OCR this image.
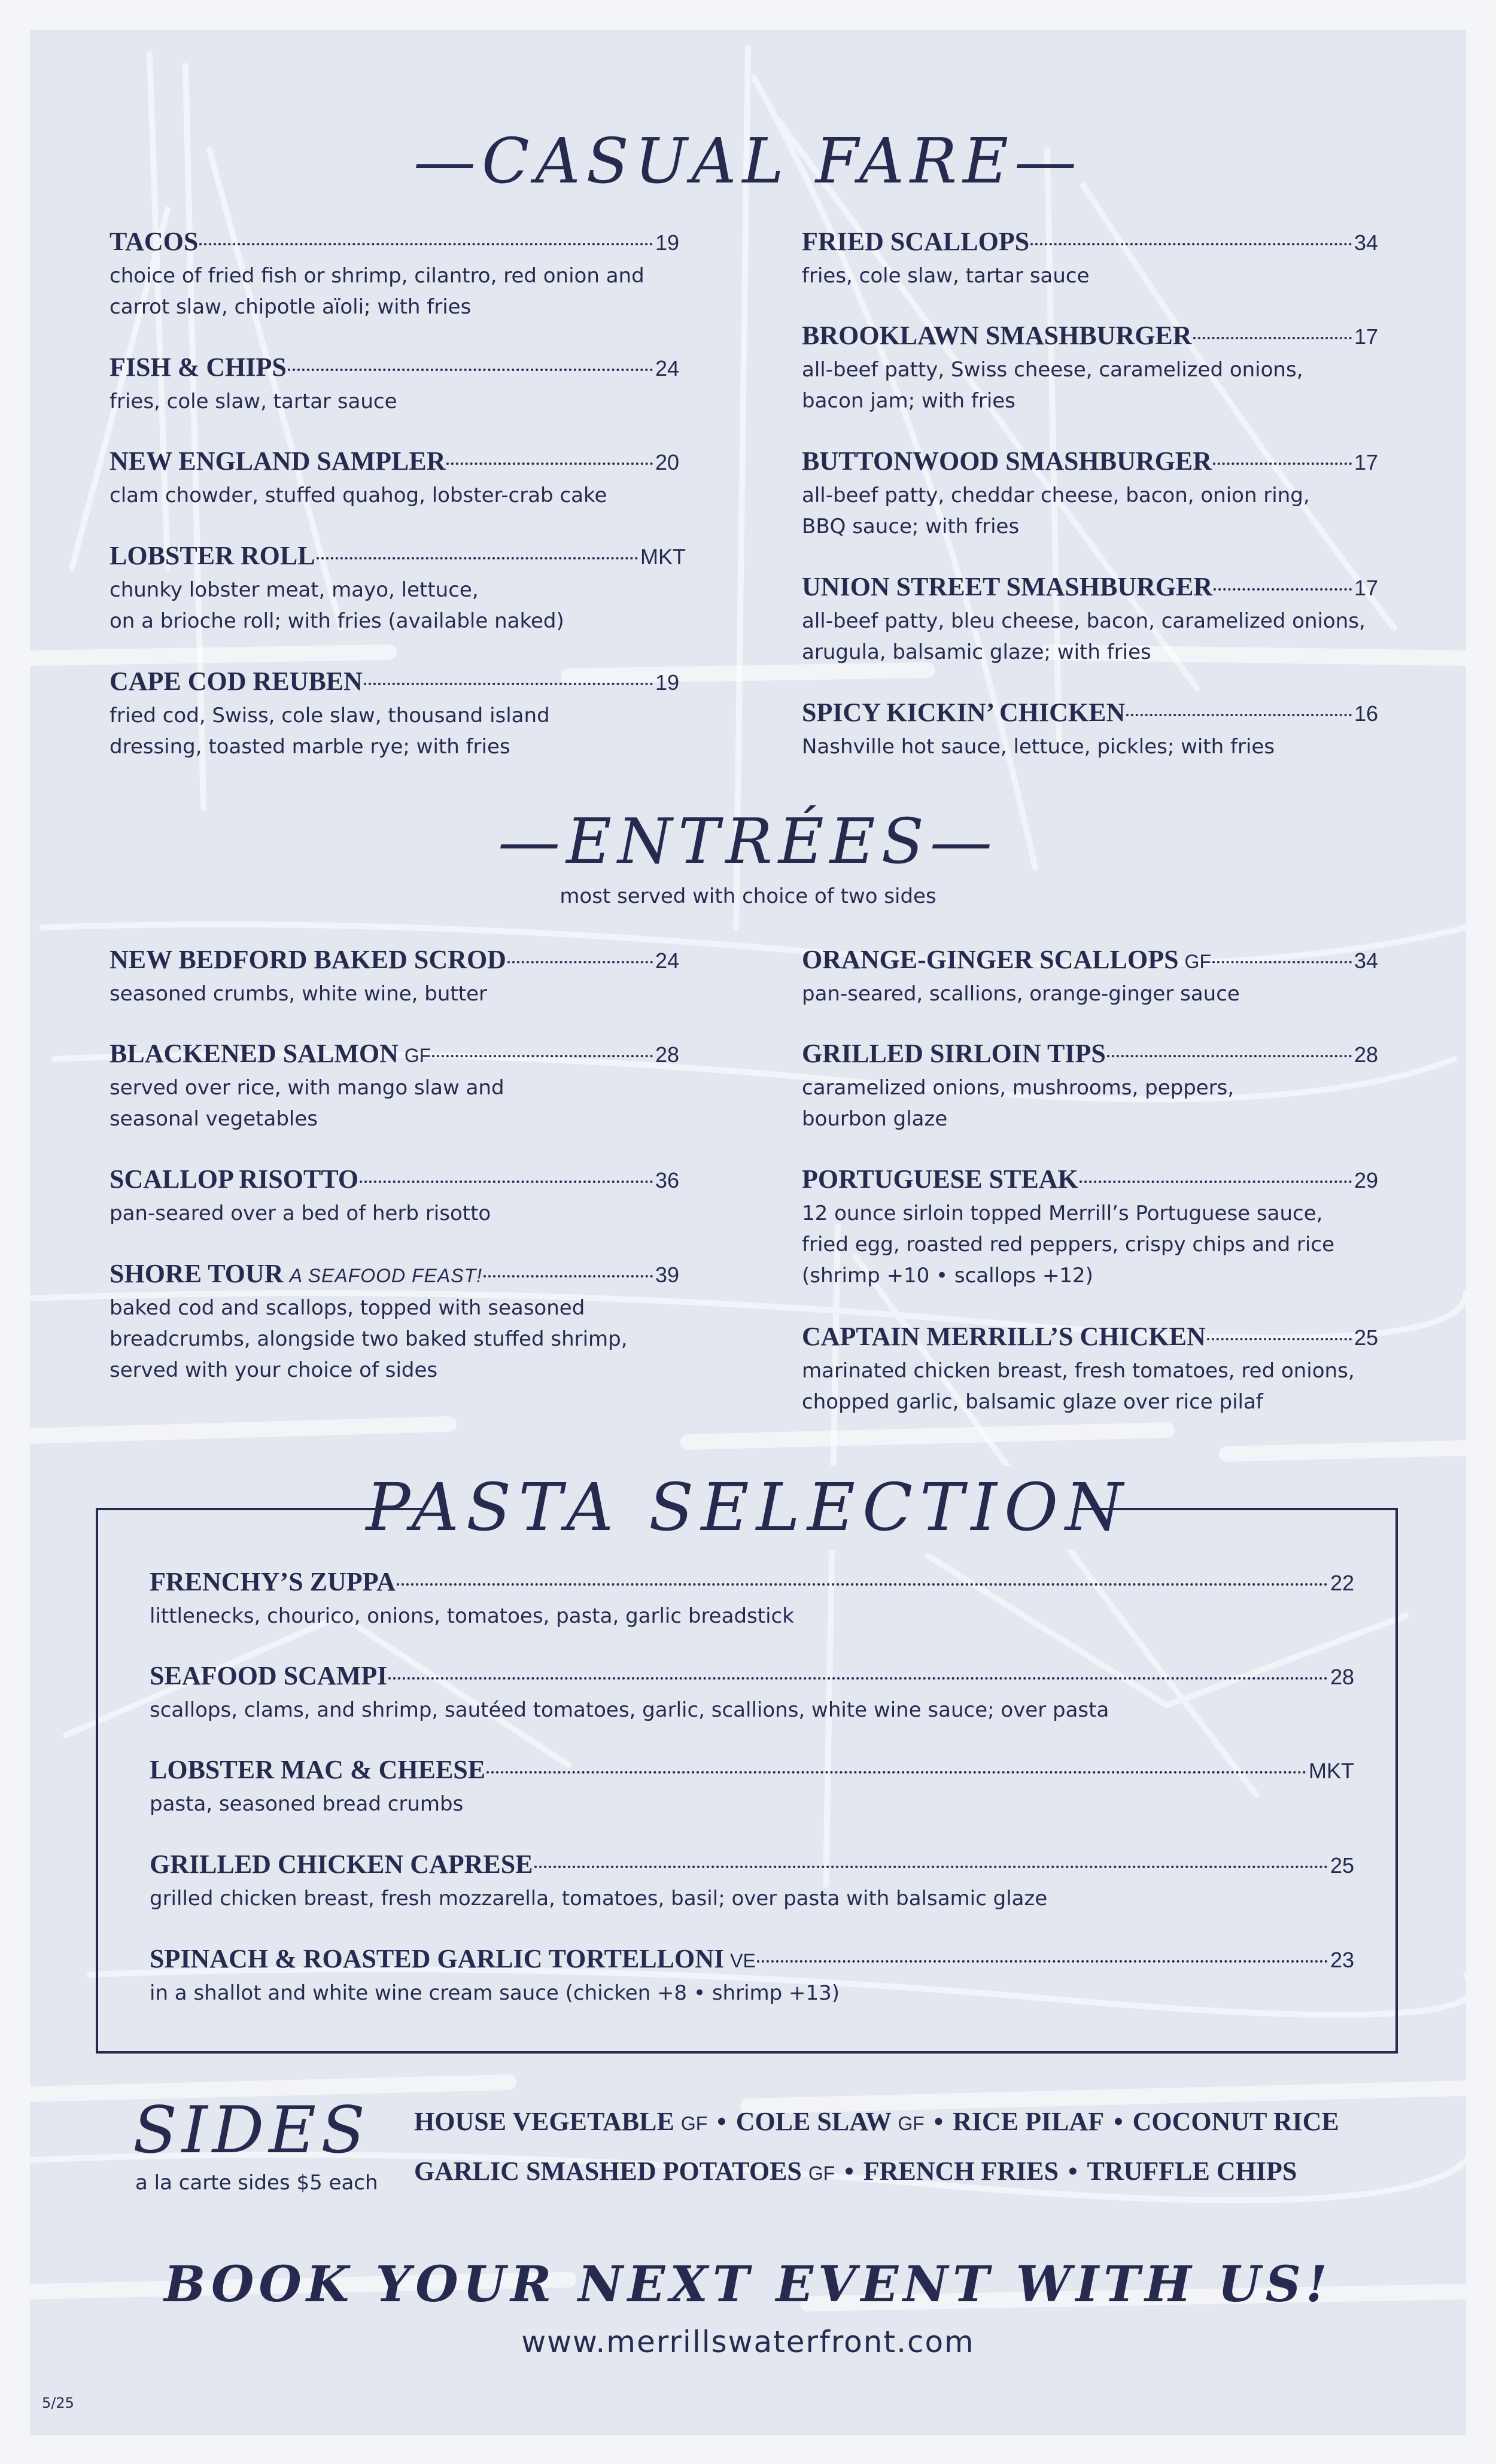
—CASUAL FARE—
TACOS	19
choice of fried fish or shrimp, cilantro, red onion and
carrot slaw, chipotle aïoli; with fries
FISH & CHIPS	24
fries, cole slaw, tartar sauce
NEW ENGLAND SAMPLER	20
clam chowder, stuffed quahog, lobster-crab cake
LOBSTER ROLL	MKT
chunky lobster meat, mayo, lettuce,
on a brioche roll; with fries (available naked)
CAPE COD REUBEN	19
fried cod, Swiss, cole slaw, thousand island
dressing, toasted marble rye; with fries
FRIED SCALLOPS	34
fries, cole slaw, tartar sauce
BROOKLAWN SMASHBURGER	17
all-beef patty, Swiss cheese, caramelized onions,
bacon jam; with fries
BUTTONWOOD SMASHBURGER	17
all-beef patty, cheddar cheese, bacon, onion ring,
BBQ sauce; with fries
UNION STREET SMASHBURGER	17
all-beef patty, bleu cheese, bacon, caramelized onions,
arugula, balsamic glaze; with fries
SPICY KICKIN’ CHICKEN	16
Nashville hot sauce, lettuce, pickles; with fries
—ENTRÉES—
most served with choice of two sides
NEW BEDFORD BAKED SCROD	24
seasoned crumbs, white wine, butter
BLACKENED SALMON GF	28
served over rice, with mango slaw and
seasonal vegetables
SCALLOP RISOTTO	36
pan-seared over a bed of herb risotto
SHORE TOUR A SEAFOOD FEAST!	39
baked cod and scallops, topped with seasoned
breadcrumbs, alongside two baked stuffed shrimp,
served with your choice of sides
ORANGE-GINGER SCALLOPS GF	34
pan-seared, scallions, orange-ginger sauce
GRILLED SIRLOIN TIPS	28
caramelized onions, mushrooms, peppers,
bourbon glaze
PORTUGUESE STEAK	29
12 ounce sirloin topped Merrill’s Portuguese sauce,
fried egg, roasted red peppers, crispy chips and rice
(shrimp +10 • scallops +12)
CAPTAIN MERRILL’S CHICKEN	25
marinated chicken breast, fresh tomatoes, red onions,
chopped garlic, balsamic glaze over rice pilaf
PASTA SELECTION
FRENCHY’S ZUPPA	22
littlenecks, chourico, onions, tomatoes, pasta, garlic breadstick
SEAFOOD SCAMPI	28
scallops, clams, and shrimp, sautéed tomatoes, garlic, scallions, white wine sauce; over pasta
LOBSTER MAC & CHEESE	MKT
pasta, seasoned bread crumbs
GRILLED CHICKEN CAPRESE	25
grilled chicken breast, fresh mozzarella, tomatoes, basil; over pasta with balsamic glaze
SPINACH & ROASTED GARLIC TORTELLONI VE	23
in a shallot and white wine cream sauce (chicken +8 • shrimp +13)
SIDES
a la carte sides $5 each
HOUSE VEGETABLE GF • COLE SLAW GF • RICE PILAF • COCONUT RICE
GARLIC SMASHED POTATOES GF • FRENCH FRIES • TRUFFLE CHIPS
BOOK YOUR NEXT EVENT WITH US!
www.merrillswaterfront.com
5/25
